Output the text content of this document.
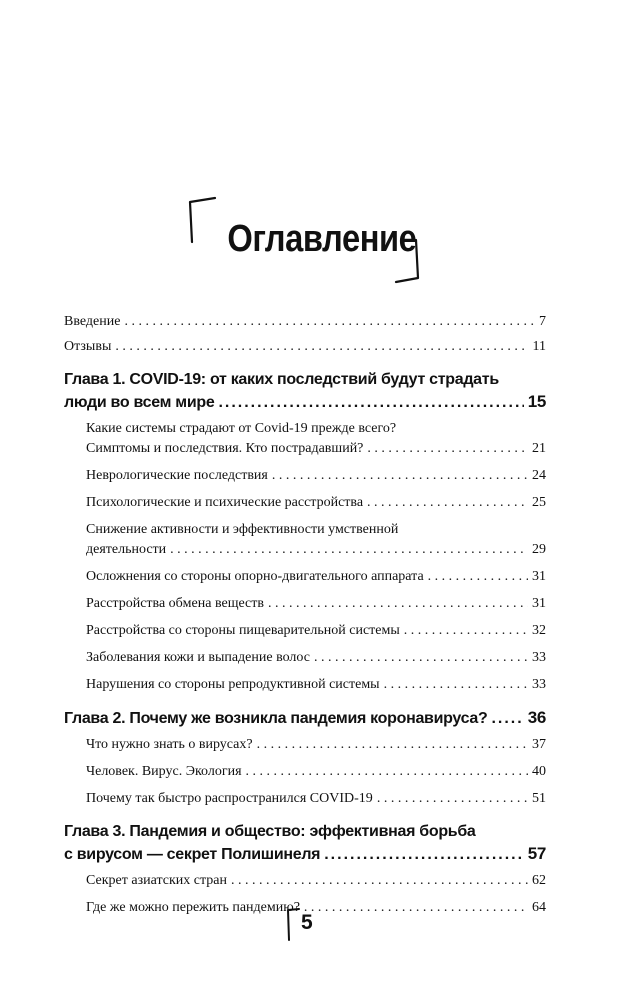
Оглавление
Введение . . .	7
Отзывы . . .	11
Глава 1. COVID-19: от каких последствий будут страдать
люди во всем мире .....	15
Какие системы страдают от Covid-19 прежде всего?
Симптомы и последствия. Кто пострадавший? . . .	21
Неврологические последствия . . .	24
Психологические и психические расстройства . . .	25
Снижение активности и эффективности умственной
деятельности . . .	29
Осложнения со стороны опорно-двигательного аппарата . . .	31
Расстройства обмена веществ . . .	31
Расстройства со стороны пищеварительной системы . . .	32
Заболевания кожи и выпадение волос . . .	33
Нарушения со стороны репродуктивной системы . . .	33
Глава 2. Почему же возникла пандемия коронавируса? ..... 36
Что нужно знать о вирусах? . . .	37
Человек. Вирус. Экология . . .	40
Почему так быстро распространился COVID-19 . . .	51
Глава 3. Пандемия и общество: эффективная борьба
с вирусом — секрет Полишинеля .....	57
Секрет азиатских стран . . .	62
Где же можно пережить пандемию? . . .	64
5
